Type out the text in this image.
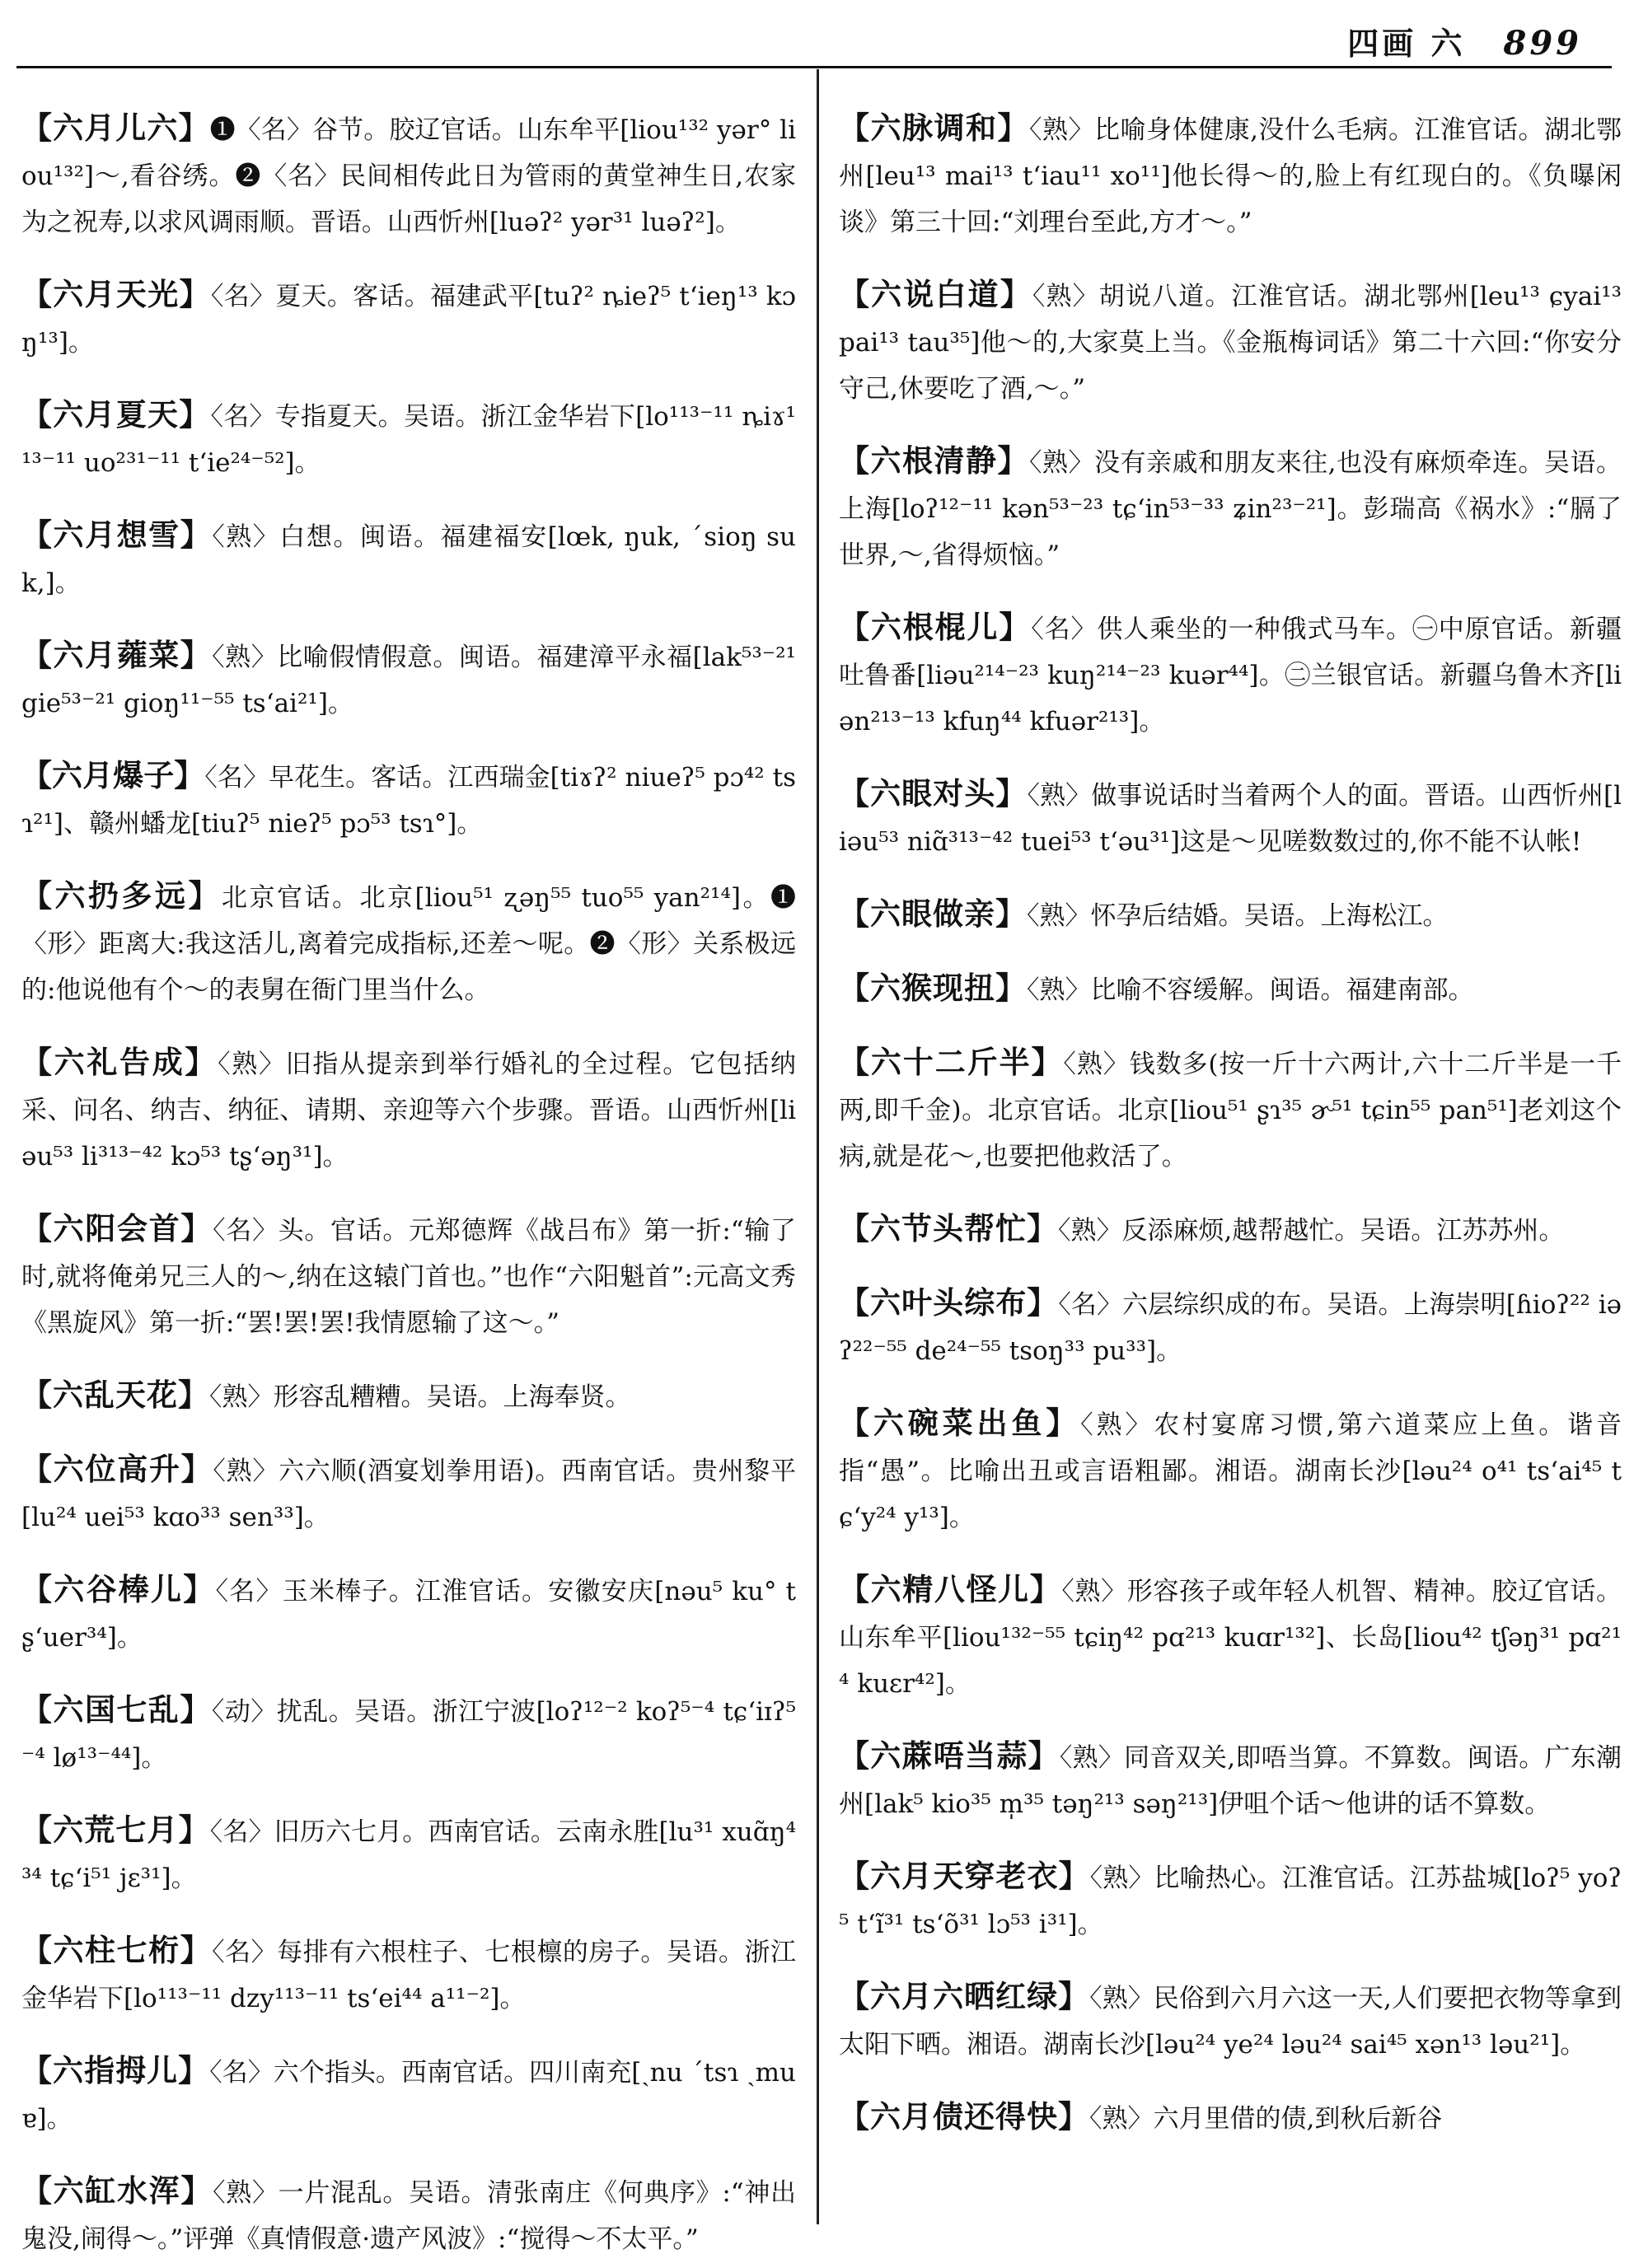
四画 六 899

【六月儿六】❶〈名〉谷节。胶辽官话。山东牟平[liou¹³² yər° liou¹³²]～,看谷绣。❷〈名〉民间相传此日为管雨的黄堂神生日,农家为之祝寿,以求风调雨顺。晋语。山西忻州[luəʔ² yər³¹ luəʔ²]。

【六月天光】〈名〉夏天。客话。福建武平[tuʔ² ȵieʔ⁵ t‘ieŋ¹³ kɔŋ¹³]。

【六月夏天】〈名〉专指夏天。吴语。浙江金华岩下[lo¹¹³⁻¹¹ ȵiɤ¹¹³⁻¹¹ uo²³¹⁻¹¹ t‘ie²⁴⁻⁵²]。

【六月想雪】〈熟〉白想。闽语。福建福安[lœk, ŋuk, ˊsioŋ suk,]。

【六月蕹菜】〈熟〉比喻假情假意。闽语。福建漳平永福[lak⁵³⁻²¹ gie⁵³⁻²¹ gioŋ¹¹⁻⁵⁵ ts‘ai²¹]。

【六月爆子】〈名〉早花生。客话。江西瑞金[tiɤʔ² niueʔ⁵ pɔ⁴² tsɿ²¹]、赣州蟠龙[tiuʔ⁵ nieʔ⁵ pɔ⁵³ tsɿ°]。

【六扔多远】北京官话。北京[liou⁵¹ ʐəŋ⁵⁵ tuo⁵⁵ yan²¹⁴]。❶〈形〉距离大:我这活儿,离着完成指标,还差～呢。❷〈形〉关系极远的:他说他有个～的表舅在衙门里当什么。

【六礼告成】〈熟〉旧指从提亲到举行婚礼的全过程。它包括纳采、问名、纳吉、纳征、请期、亲迎等六个步骤。晋语。山西忻州[liəu⁵³ li³¹³⁻⁴² kɔ⁵³ tʂ‘əŋ³¹]。

【六阳会首】〈名〉头。官话。元郑德辉《战吕布》第一折:“输了时,就将俺弟兄三人的～,纳在这辕门首也。”也作“六阳魁首”:元高文秀《黑旋风》第一折:“罢!罢!罢!我情愿输了这～。”

【六乱天花】〈熟〉形容乱糟糟。吴语。上海奉贤。

【六位高升】〈熟〉六六顺(酒宴划拳用语)。西南官话。贵州黎平[lu²⁴ uei⁵³ kɑo³³ sen³³]。

【六谷棒儿】〈名〉玉米棒子。江淮官话。安徽安庆[nəu⁵ ku° tʂ‘uer³⁴]。

【六国七乱】〈动〉扰乱。吴语。浙江宁波[loʔ¹²⁻² koʔ⁵⁻⁴ tɕ‘iɪʔ⁵⁻⁴ lø¹³⁻⁴⁴]。

【六荒七月】〈名〉旧历六七月。西南官话。云南永胜[lu³¹ xuɑ̃ŋ⁴³⁴ tɕ‘i⁵¹ jɛ³¹]。

【六柱七桁】〈名〉每排有六根柱子、七根檩的房子。吴语。浙江金华岩下[lo¹¹³⁻¹¹ dzy¹¹³⁻¹¹ ts‘ei⁴⁴ a¹¹⁻²]。

【六指拇儿】〈名〉六个指头。西南官话。四川南充[ˏnu ˊtsɿ ˏmuɐ]。

【六缸水浑】〈熟〉一片混乱。吴语。清张南庄《何典序》:“神出鬼没,闹得～。”评弹《真情假意·遗产风波》:“搅得～不太平。”

【六脉调和】〈熟〉比喻身体健康,没什么毛病。江淮官话。湖北鄂州[leu¹³ mai¹³ t‘iau¹¹ xo¹¹]他长得～的,脸上有红现白的。《负曝闲谈》第三十回:“刘理台至此,方才～。”

【六说白道】〈熟〉胡说八道。江淮官话。湖北鄂州[leu¹³ ɕyai¹³ pai¹³ tau³⁵]他～的,大家莫上当。《金瓶梅词话》第二十六回:“你安分守己,休要吃了酒,～。”

【六根清静】〈熟〉没有亲戚和朋友来往,也没有麻烦牵连。吴语。上海[loʔ¹²⁻¹¹ kən⁵³⁻²³ tɕ‘in⁵³⁻³³ ʑin²³⁻²¹]。彭瑞高《祸水》:“膈了世界,～,省得烦恼。”

【六根棍儿】〈名〉供人乘坐的一种俄式马车。㊀中原官话。新疆吐鲁番[liəu²¹⁴⁻²³ kuŋ²¹⁴⁻²³ kuər⁴⁴]。㊁兰银官话。新疆乌鲁木齐[liən²¹³⁻¹³ kfuŋ⁴⁴ kfuər²¹³]。

【六眼对头】〈熟〉做事说话时当着两个人的面。晋语。山西忻州[liəu⁵³ niɑ̃³¹³⁻⁴² tuei⁵³ t‘əu³¹]这是～见嗟数数过的,你不能不认帐!

【六眼做亲】〈熟〉怀孕后结婚。吴语。上海松江。

【六猴现扭】〈熟〉比喻不容缓解。闽语。福建南部。

【六十二斤半】〈熟〉钱数多(按一斤十六两计,六十二斤半是一千两,即千金)。北京官话。北京[liou⁵¹ ʂɿ³⁵ ɚ⁵¹ tɕin⁵⁵ pan⁵¹]老刘这个病,就是花～,也要把他救活了。

【六节头帮忙】〈熟〉反添麻烦,越帮越忙。吴语。江苏苏州。

【六叶头综布】〈名〉六层综织成的布。吴语。上海崇明[ɦioʔ²² iəʔ²²⁻⁵⁵ de²⁴⁻⁵⁵ tsoŋ³³ pu³³]。

【六碗菜出鱼】〈熟〉农村宴席习惯,第六道菜应上鱼。谐音指“愚”。比喻出丑或言语粗鄙。湘语。湖南长沙[ləu²⁴ o⁴¹ ts‘ai⁴⁵ tɕ‘y²⁴ y¹³]。

【六精八怪儿】〈熟〉形容孩子或年轻人机智、精神。胶辽官话。山东牟平[liou¹³²⁻⁵⁵ tɕiŋ⁴² pɑ²¹³ kuɑr¹³²]、长岛[liou⁴² tʃəŋ³¹ pɑ²¹⁴ kuɛr⁴²]。

【六蔴唔当蒜】〈熟〉同音双关,即唔当算。不算数。闽语。广东潮州[lak⁵ kio³⁵ m̩³⁵ təŋ²¹³ səŋ²¹³]伊咀个话～他讲的话不算数。

【六月天穿老衣】〈熟〉比喻热心。江淮官话。江苏盐城[loʔ⁵ yoʔ⁵ t‘ĩ³¹ ts‘õ³¹ lɔ⁵³ i³¹]。

【六月六晒红绿】〈熟〉民俗到六月六这一天,人们要把衣物等拿到太阳下晒。湘语。湖南长沙[ləu²⁴ ye²⁴ ləu²⁴ sai⁴⁵ xən¹³ ləu²¹]。

【六月债还得快】〈熟〉六月里借的债,到秋后新谷
